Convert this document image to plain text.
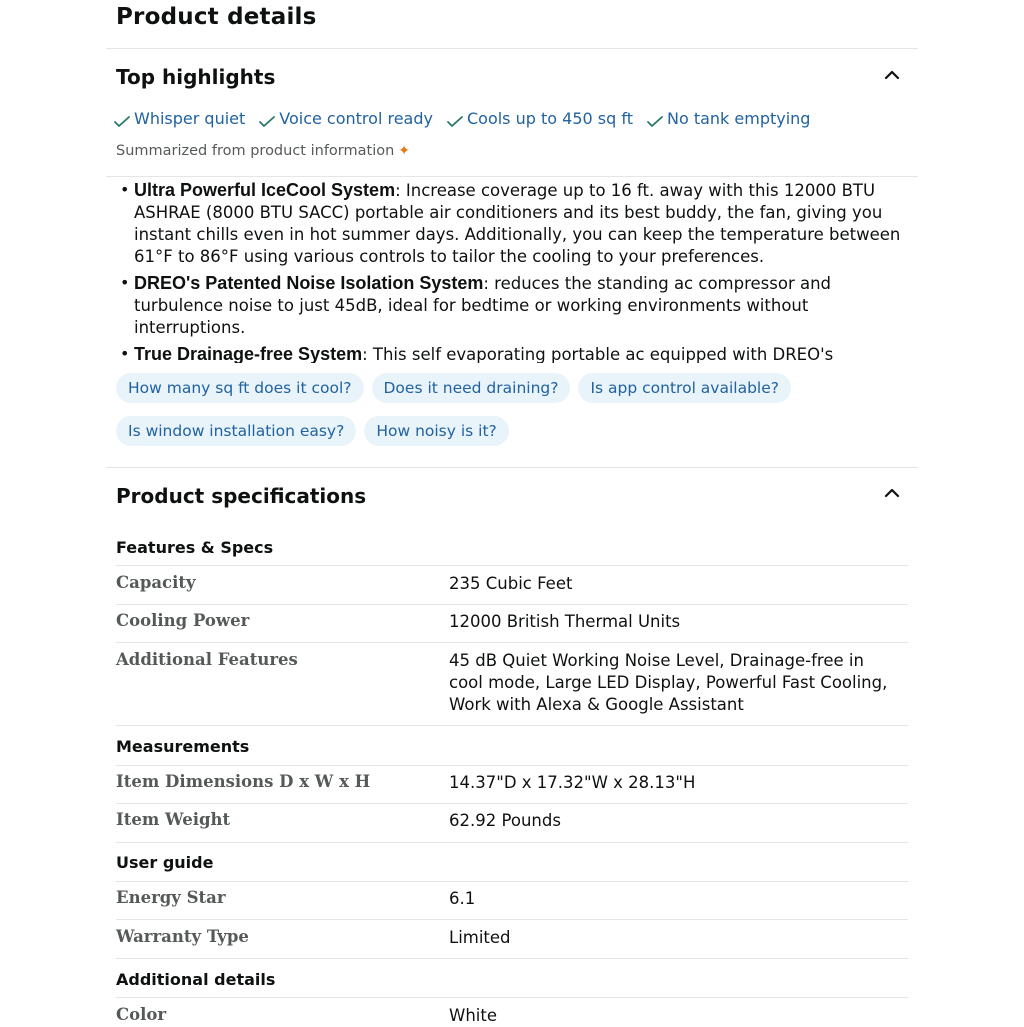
Product details
Top highlights
Whisper quiet Voice control ready Cools up to 450 sq ft No tank emptying
Summarized from product information ✦
• Ultra Powerful IceCool System: Increase coverage up to 16 ft. away with this 12000 BTU ASHRAE (8000 BTU SACC) portable air conditioners and its best buddy, the fan, giving you instant chills even in hot summer days. Additionally, you can keep the temperature between 61°F to 86°F using various controls to tailor the cooling to your preferences.
• DREO's Patented Noise Isolation System: reduces the standing ac compressor and turbulence noise to just 45dB, ideal for bedtime or working environments without interruptions.
• True Drainage-free System: This self evaporating portable ac equipped with DREO's
How many sq ft does it cool?	Does it need draining?	Is app control available?
Is window installation easy?	How noisy is it?
Product specifications
Features & Specs
Capacity	235 Cubic Feet
Cooling Power	12000 British Thermal Units
Additional Features	45 dB Quiet Working Noise Level, Drainage-free in cool mode, Large LED Display, Powerful Fast Cooling, Work with Alexa & Google Assistant
Measurements
Item Dimensions D x W x H	14.37"D x 17.32"W x 28.13"H
Item Weight	62.92 Pounds
User guide
Energy Star	6.1
Warranty Type	Limited
Additional details
Color	White
